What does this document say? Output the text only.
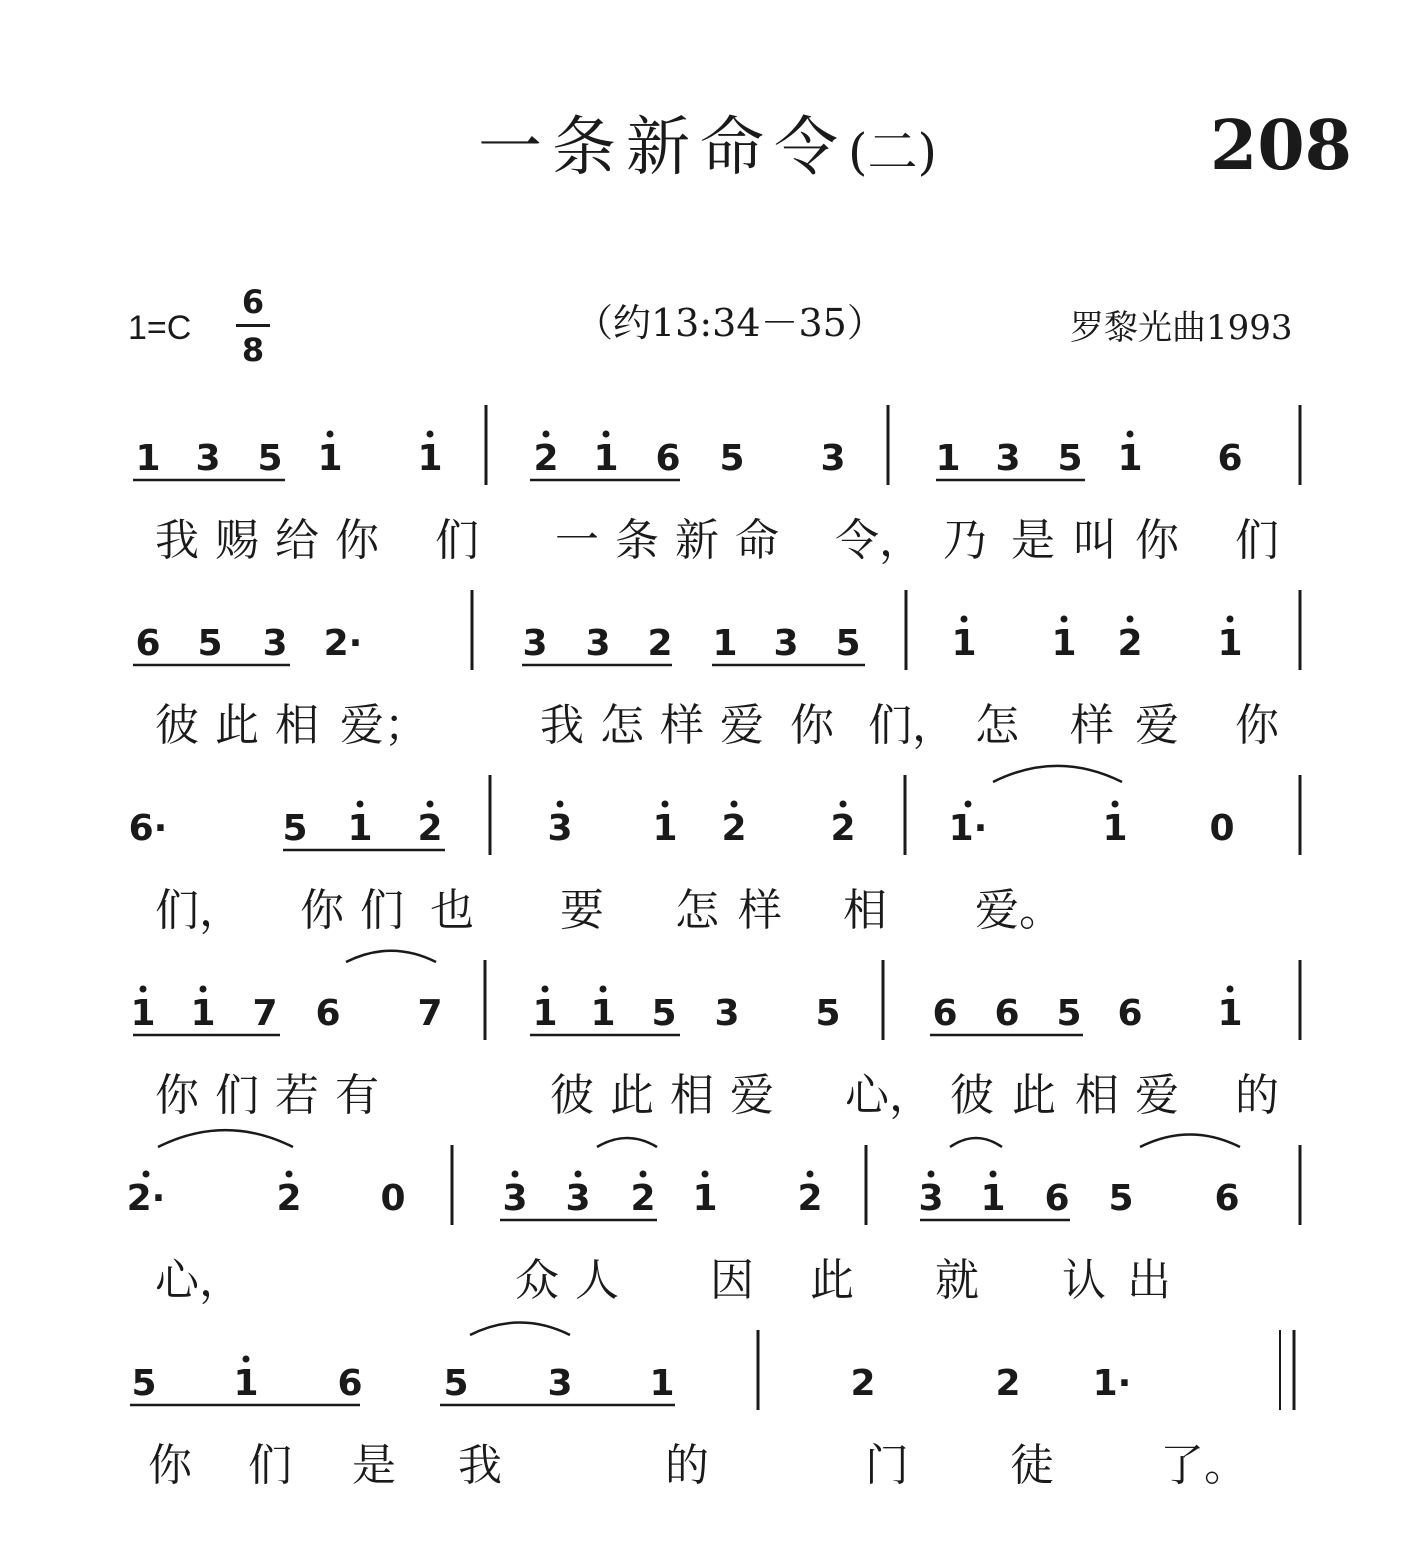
一条新命令(二)	208
1=C
6
8
（约13:34－35）	罗黎光曲1993
1 3 5 1 1	2 1 6 5 3 1 3 5 1 6
我 赐 给 你 们 一 条 新 命 令， 乃 是 叫 你 们
6 5 3 2·	3 3 2 1 3 5	1 1 2 1
彼 此 相 爱；	我 怎 样 爱 你 们， 怎 样 爱 你
6·	5 1 2	3 1 2 2	1·	1 0
们， 你 们 也 要 怎 样 相 爱。
1 1 7 6 7 1 1 5 3 5	6 6 5 6 1
你 们 若 有	彼 此 相 爱 心， 彼 此 相 爱 的
2·	2 0	3 3 2 1 2	3 1 6 5 6
心，	众 人 因 此 就 认 出
5 1 6 5 3 1	2	2 1·
你 们 是 我	的	门 徒 了。
